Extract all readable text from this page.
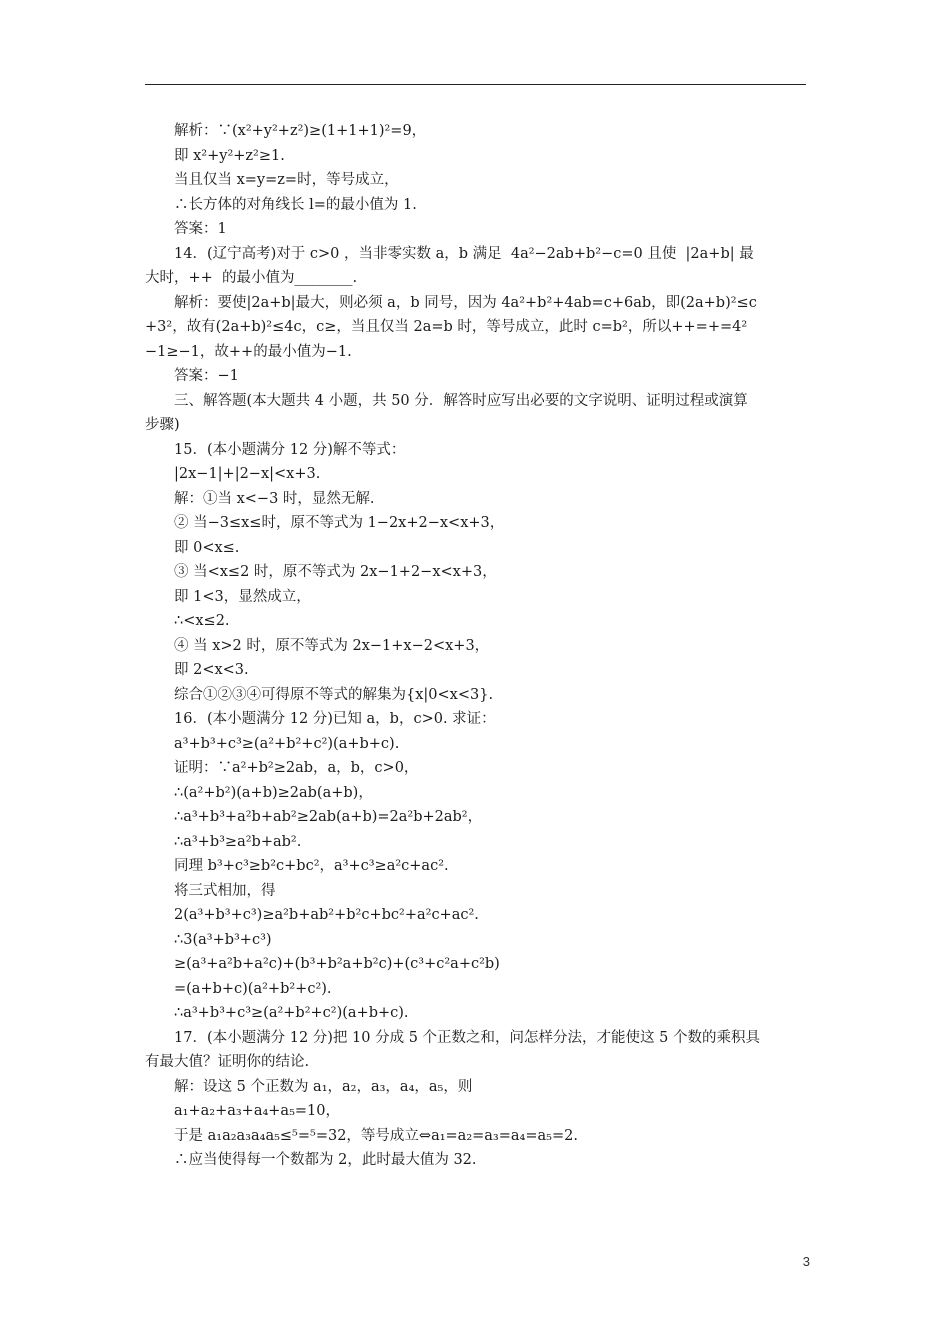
解析：∵(x²+y²+z²)≥(1+1+1)²=9，
即 x²+y²+z²≥1.
当且仅当 x=y=z=时，等号成立，
∴长方体的对角线长 l=的最小值为 1.
答案：1
14．(辽宁高考)对于 c>0 ，当非零实数 a，b 满足  4a²−2ab+b²−c=0 且使  |2a+b| 最
大时，++  的最小值为________.
解析：要使|2a+b|最大，则必须 a，b 同号，因为 4a²+b²+4ab=c+6ab，即(2a+b)²≤c
+3²，故有(2a+b)²≤4c，c≥，当且仅当 2a=b 时，等号成立，此时 c=b²，所以++=+=4²
−1≥−1，故++的最小值为−1.
答案：−1
三、解答题(本大题共 4 小题，共 50 分．解答时应写出必要的文字说明、证明过程或演算
步骤)
15．(本小题满分 12 分)解不等式：
|2x−1|+|2−x|<x+3.
解：①当 x<−3 时，显然无解.
② 当−3≤x≤时，原不等式为 1−2x+2−x<x+3，
即 0<x≤.
③ 当<x≤2 时，原不等式为 2x−1+2−x<x+3，
即 1<3，显然成立，
∴<x≤2.
④ 当 x>2 时，原不等式为 2x−1+x−2<x+3，
即 2<x<3.
综合①②③④可得原不等式的解集为{x|0<x<3}.
16．(本小题满分 12 分)已知 a，b，c>0. 求证：
a³+b³+c³≥(a²+b²+c²)(a+b+c).
证明：∵a²+b²≥2ab，a，b，c>0，
∴(a²+b²)(a+b)≥2ab(a+b)，
∴a³+b³+a²b+ab²≥2ab(a+b)=2a²b+2ab²，
∴a³+b³≥a²b+ab².
同理 b³+c³≥b²c+bc²，a³+c³≥a²c+ac².
将三式相加，得
2(a³+b³+c³)≥a²b+ab²+b²c+bc²+a²c+ac².
∴3(a³+b³+c³)
≥(a³+a²b+a²c)+(b³+b²a+b²c)+(c³+c²a+c²b)
=(a+b+c)(a²+b²+c²).
∴a³+b³+c³≥(a²+b²+c²)(a+b+c).
17．(本小题满分 12 分)把 10 分成 5 个正数之和，问怎样分法，才能使这 5 个数的乘积具
有最大值？证明你的结论.
解：设这 5 个正数为 a₁，a₂，a₃，a₄，a₅，则
a₁+a₂+a₃+a₄+a₅=10，
于是 a₁a₂a₃a₄a₅≤⁵=⁵=32，等号成立⇔a₁=a₂=a₃=a₄=a₅=2.
∴应当使得每一个数都为 2，此时最大值为 32.
3
